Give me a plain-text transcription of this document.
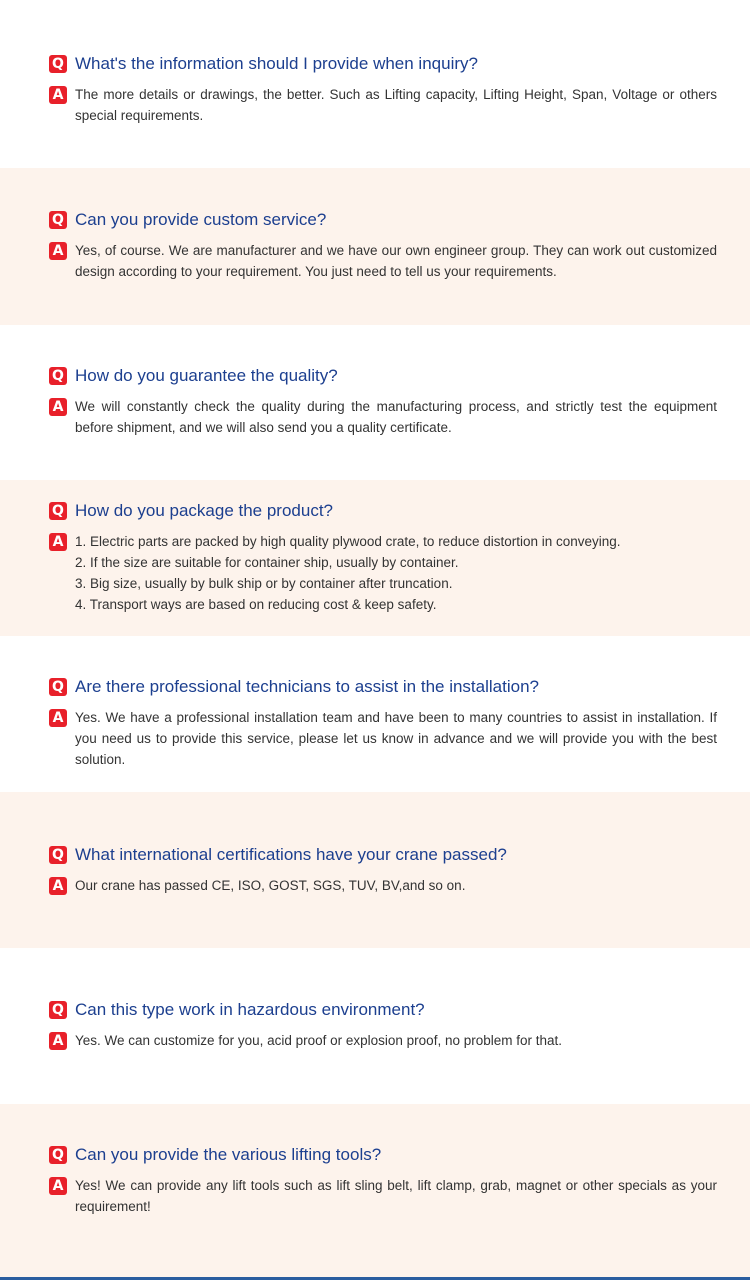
Q What's the information should I provide when inquiry?
A The more details or drawings, the better. Such as Lifting capacity, Lifting Height, Span, Voltage or others special requirements.
Q Can you provide custom service?
A Yes, of course. We are manufacturer and we have our own engineer group. They can work out customized design according to your requirement. You just need to tell us your requirements.
Q How do you guarantee the quality?
A We will constantly check the quality during the manufacturing process, and strictly test the equipment before shipment, and we will also send you a quality certificate.
Q How do you package the product?
A 1. Electric parts are packed by high quality plywood crate, to reduce distortion in conveying.
2. If the size are suitable for container ship, usually by container.
3. Big size, usually by bulk ship or by container after truncation.
4. Transport ways are based on reducing cost & keep safety.
Q Are there professional technicians to assist in the installation?
A Yes. We have a professional installation team and have been to many countries to assist in installation. If you need us to provide this service, please let us know in advance and we will provide you with the best solution.
Q What international certifications have your crane passed?
A Our crane has passed CE, ISO, GOST, SGS, TUV, BV,and so on.
Q Can this type work in hazardous environment?
A Yes. We can customize for you, acid proof or explosion proof, no problem for that.
Q Can you provide the various lifting tools?
A Yes! We can provide any lift tools such as lift sling belt, lift clamp, grab, magnet or other specials as your requirement!
